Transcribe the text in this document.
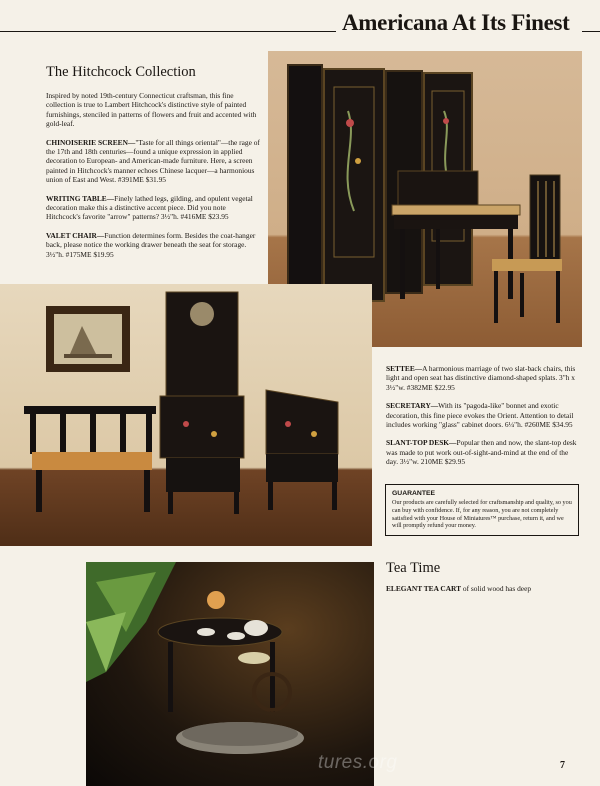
Americana At Its Finest
The Hitchcock Collection

Inspired by noted 19th-century Connecticut craftsman, this fine collection is true to Lambert Hitchcock's distinctive style of painted furnishings, stenciled in patterns of flowers and fruit and accented with gold-leaf.

CHINOISERIE SCREEN—"Taste for all things oriental"—the rage of the 17th and 18th centuries—found a unique expression in applied decoration to European- and American-made furniture. Here, a screen painted in Hitchcock's manner echoes Chinese lacquer—a harmonious union of East and West. #391ME $31.95

WRITING TABLE—Finely lathed legs, gilding, and opulent vegetal decoration make this a distinctive accent piece. Did you note Hitchcock's favorite "arrow" patterns? 3½"h. #416ME $23.95

VALET CHAIR—Function determines form. Besides the coat-hanger back, please notice the working drawer beneath the seat for storage. 3½"h. #175ME $19.95

SETTEE—A harmonious marriage of two slat-back chairs, this light and open seat has distinctive diamond-shaped splats. 3"h x 3½"w. #382ME $22.95

SECRETARY—With its "pagoda-like" bonnet and exotic decoration, this fine piece evokes the Orient. Attention to detail includes working "glass" cabinet doors. 6¼"h. #260ME $34.95

SLANT-TOP DESK—Popular then and now, the slant-top desk was made to put work out-of-sight-and-mind at the end of the day. 3½"w. 210ME $29.95

GUARANTEE
Our products are carefully selected for craftsmanship and quality, so you can buy with confidence. If, for any reason, you are not completely satisfied with your House of Miniatures™ purchase, return it, and we will promptly refund your money.
Tea Time

ELEGANT TEA CART of solid wood has deep

tures.org	7
